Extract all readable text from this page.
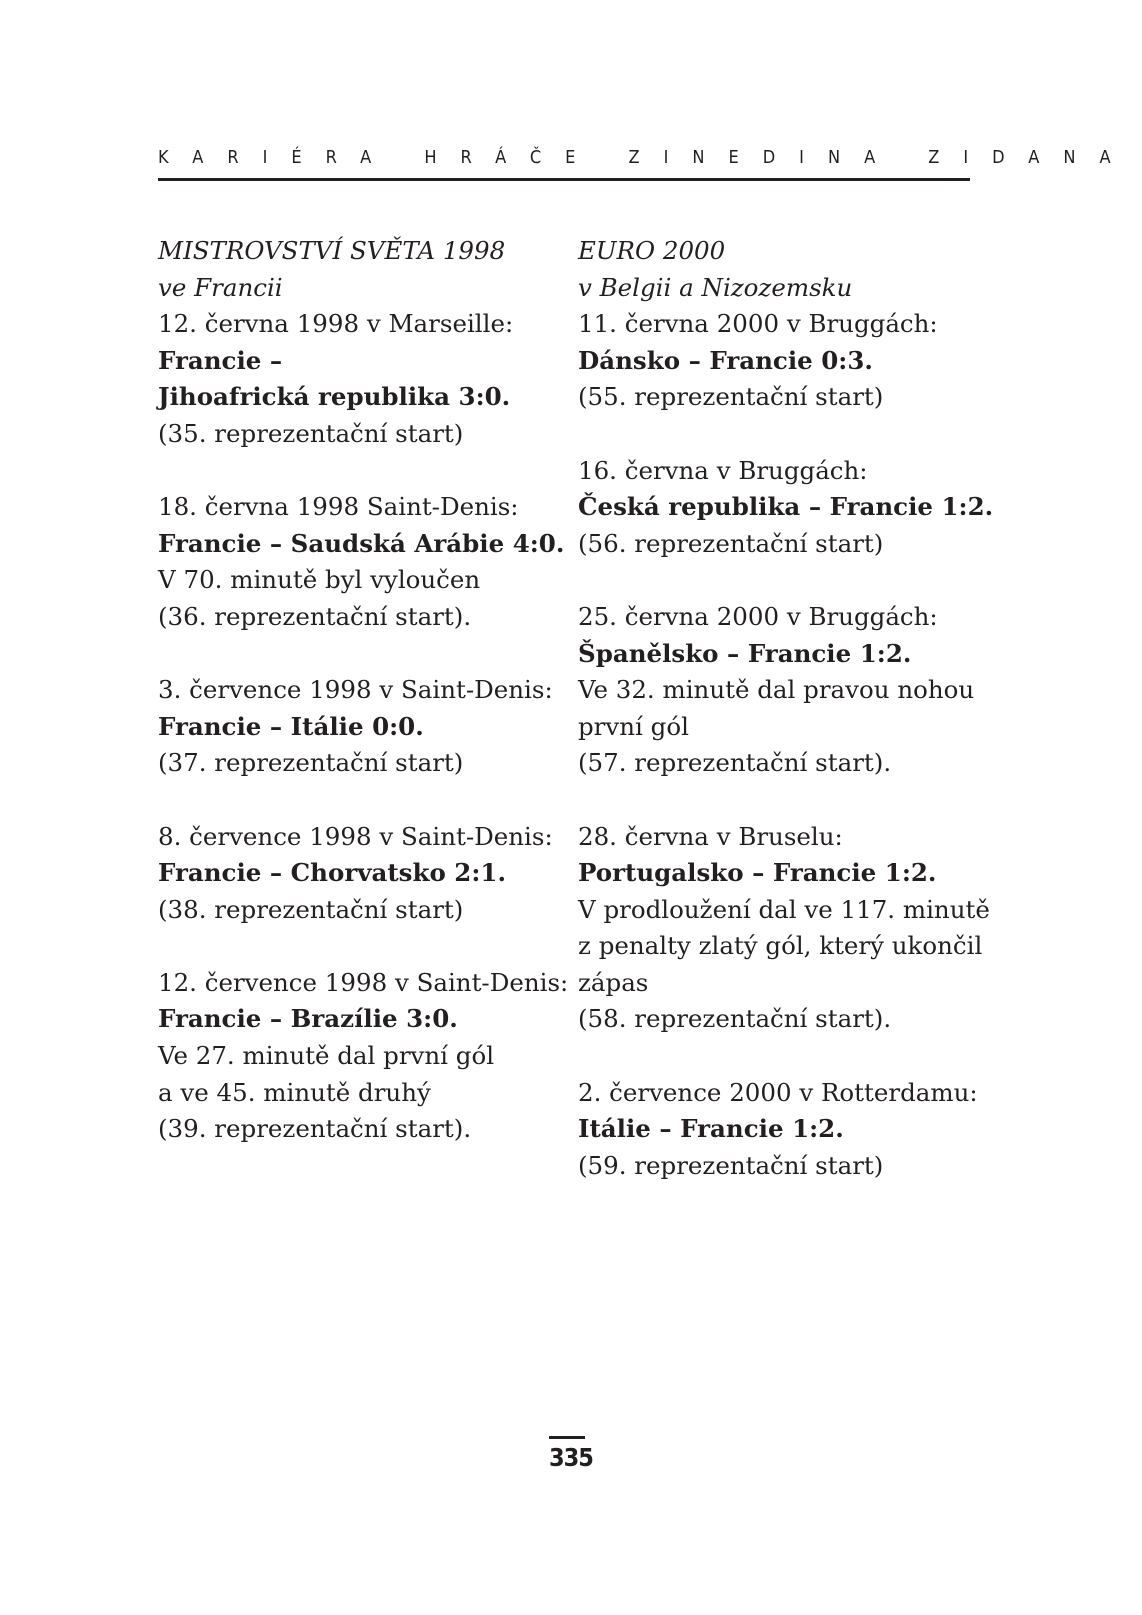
KARIÉRA HRÁČE ZINEDINA ZIDANA
MISTROVSTVÍ SVĚTA 1998
ve Francii
12. června 1998 v Marseille:
Francie –
Jihoafrická republika 3:0.
(35. reprezentační start)
18. června 1998 Saint-Denis:
Francie – Saudská Arábie 4:0.
V 70. minutě byl vyloučen
(36. reprezentační start).
3. července 1998 v Saint-Denis:
Francie – Itálie 0:0.
(37. reprezentační start)
8. července 1998 v Saint-Denis:
Francie – Chorvatsko 2:1.
(38. reprezentační start)
12. července 1998 v Saint-Denis:
Francie – Brazílie 3:0.
Ve 27. minutě dal první gól
a ve 45. minutě druhý
(39. reprezentační start).
EURO 2000
v Belgii a Nizozemsku
11. června 2000 v Bruggách:
Dánsko – Francie 0:3.
(55. reprezentační start)
16. června v Bruggách:
Česká republika – Francie 1:2.
(56. reprezentační start)
25. června 2000 v Bruggách:
Španělsko – Francie 1:2.
Ve 32. minutě dal pravou nohou
první gól
(57. reprezentační start).
28. června v Bruselu:
Portugalsko – Francie 1:2.
V prodloužení dal ve 117. minutě
z penalty zlatý gól, který ukončil
zápas
(58. reprezentační start).
2. července 2000 v Rotterdamu:
Itálie – Francie 1:2.
(59. reprezentační start)
335
